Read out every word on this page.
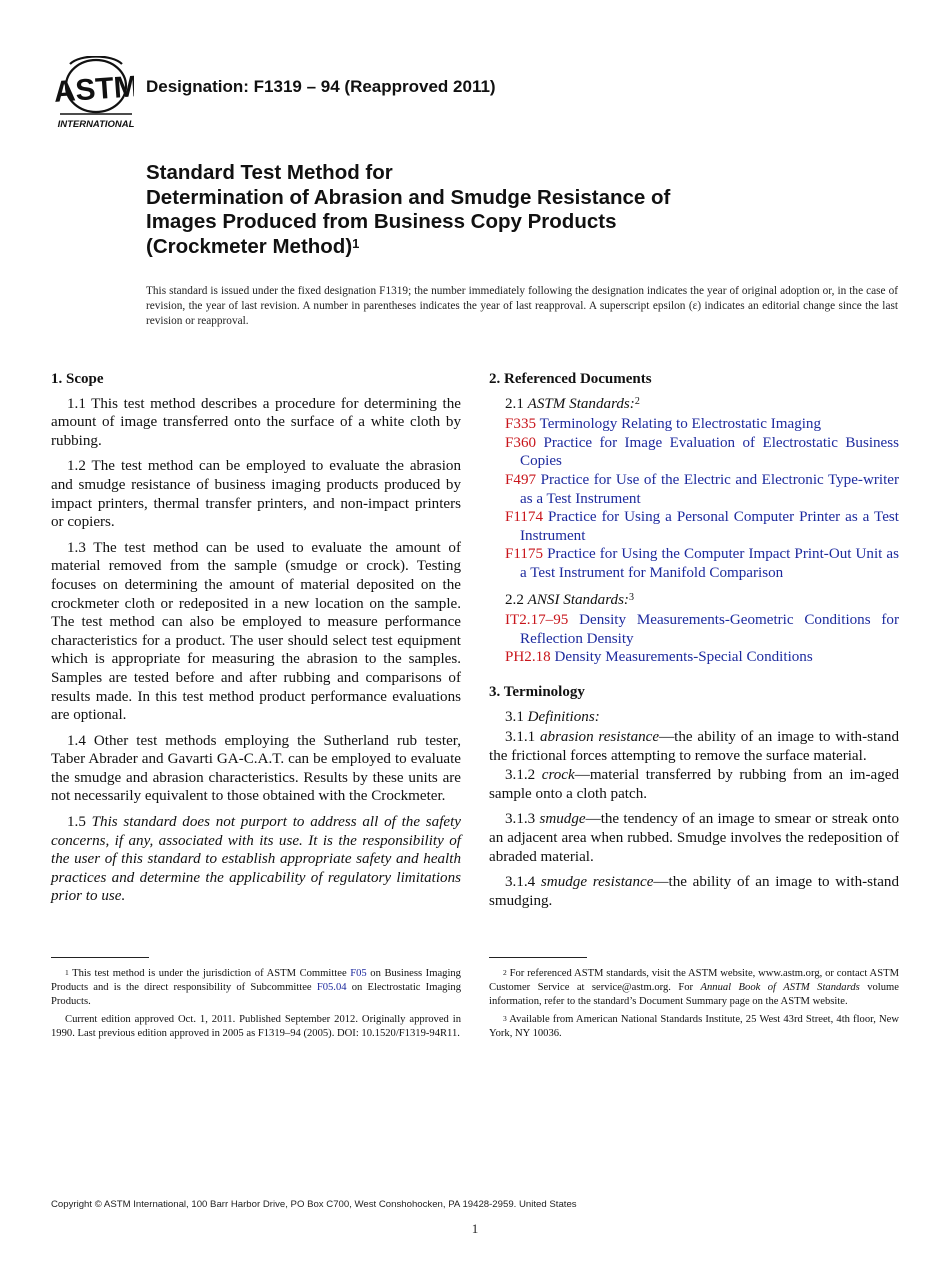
ASTM
INTERNATIONAL
Designation: F1319 – 94 (Reapproved 2011)
Standard Test Method for
Determination of Abrasion and Smudge Resistance of
Images Produced from Business Copy Products
(Crockmeter Method)$^1$

This standard is issued under the fixed designation F1319; the number immediately following the designation indicates the year of original adoption or, in the case of revision, the year of last revision. A number in parentheses indicates the year of last reapproval. A superscript epsilon (ε) indicates an editorial change since the last revision or reapproval.

1. Scope

1.1 This test method describes a procedure for determining the amount of image transferred onto the surface of a white cloth by rubbing.

1.2 The test method can be employed to evaluate the abrasion and smudge resistance of business imaging products produced by impact printers, thermal transfer printers, and non-impact printers or copiers.

1.3 The test method can be used to evaluate the amount of material removed from the sample (smudge or crock). Testing focuses on determining the amount of material deposited on the crockmeter cloth or redeposited in a new location on the sample. The test method can also be employed to measure performance characteristics for a product. The user should select test equipment which is appropriate for measuring the abrasion to the samples. Samples are tested before and after rubbing and comparisons of results made. In this test method product performance evaluations are optional.

1.4 Other test methods employing the Sutherland rub tester, Taber Abrader and Gavarti GA-C.A.T. can be employed to evaluate the smudge and abrasion characteristics. Results by these units are not necessarily equivalent to those obtained with the Crockmeter.

1.5 This standard does not purport to address all of the safety concerns, if any, associated with its use. It is the responsibility of the user of this standard to establish appropriate safety and health practices and determine the applicability of regulatory limitations prior to use.

2. Referenced Documents
2.1 ASTM Standards:$^2$

F335 Terminology Relating to Electrostatic Imaging

F360 Practice for Image Evaluation of Electrostatic Business Copies

F497 Practice for Use of the Electric and Electronic Type-writer as a Test Instrument

F1174 Practice for Using a Personal Computer Printer as a Test Instrument

F1175 Practice for Using the Computer Impact Print-Out Unit as a Test Instrument for Manifold Comparison

2.2 ANSI Standards:$^3$

IT2.17–95 Density Measurements-Geometric Conditions for Reflection Density

PH2.18 Density Measurements-Special Conditions

3. Terminology
3.1 Definitions:

3.1.1 abrasion resistance—the ability of an image to with-stand the frictional forces attempting to remove the surface material.

3.1.2 crock—material transferred by rubbing from an im-aged sample onto a cloth patch.

3.1.3 smudge—the tendency of an image to smear or streak onto an adjacent area when rubbed. Smudge involves the redeposition of abraded material.

3.1.4 smudge resistance—the ability of an image to with-stand smudging.

$^1$ This test method is under the jurisdiction of ASTM Committee F05 on Business Imaging Products and is the direct responsibility of Subcommittee F05.04 on Electrostatic Imaging Products.

Current edition approved Oct. 1, 2011. Published September 2012. Originally approved in 1990. Last previous edition approved in 2005 as F1319–94 (2005). DOI: 10.1520/F1319-94R11.

$^2$ For referenced ASTM standards, visit the ASTM website, www.astm.org, or contact ASTM Customer Service at service@astm.org. For Annual Book of ASTM Standards volume information, refer to the standard’s Document Summary page on the ASTM website.

$^3$ Available from American National Standards Institute, 25 West 43rd Street, 4th floor, New York, NY 10036.

Copyright © ASTM International, 100 Barr Harbor Drive, PO Box C700, West Conshohocken, PA 19428-2959. United States
1
